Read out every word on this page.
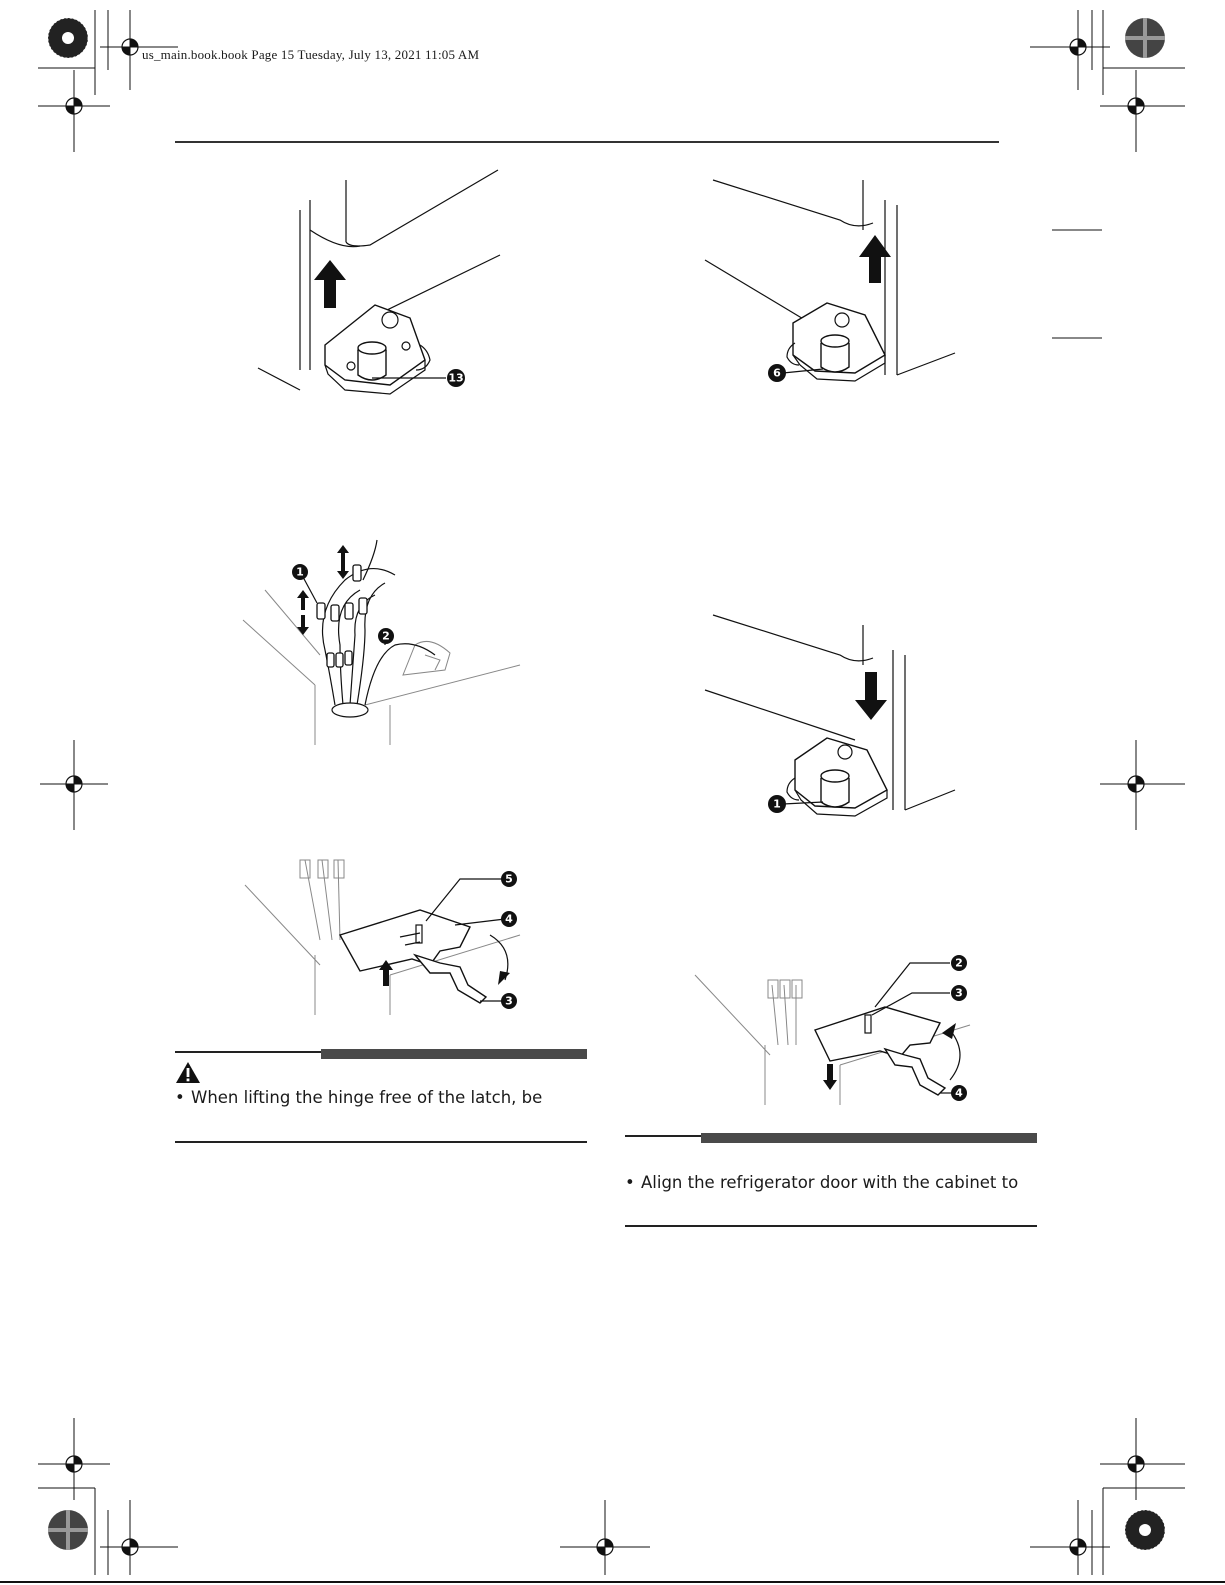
us_main.book.book Page 15 Tuesday, July 13, 2021 11:05 AM
13	6
1
2
1
5
4
3
2
3
4
• When lifting the hinge free of the latch, be
• Align the refrigerator door with the cabinet to
